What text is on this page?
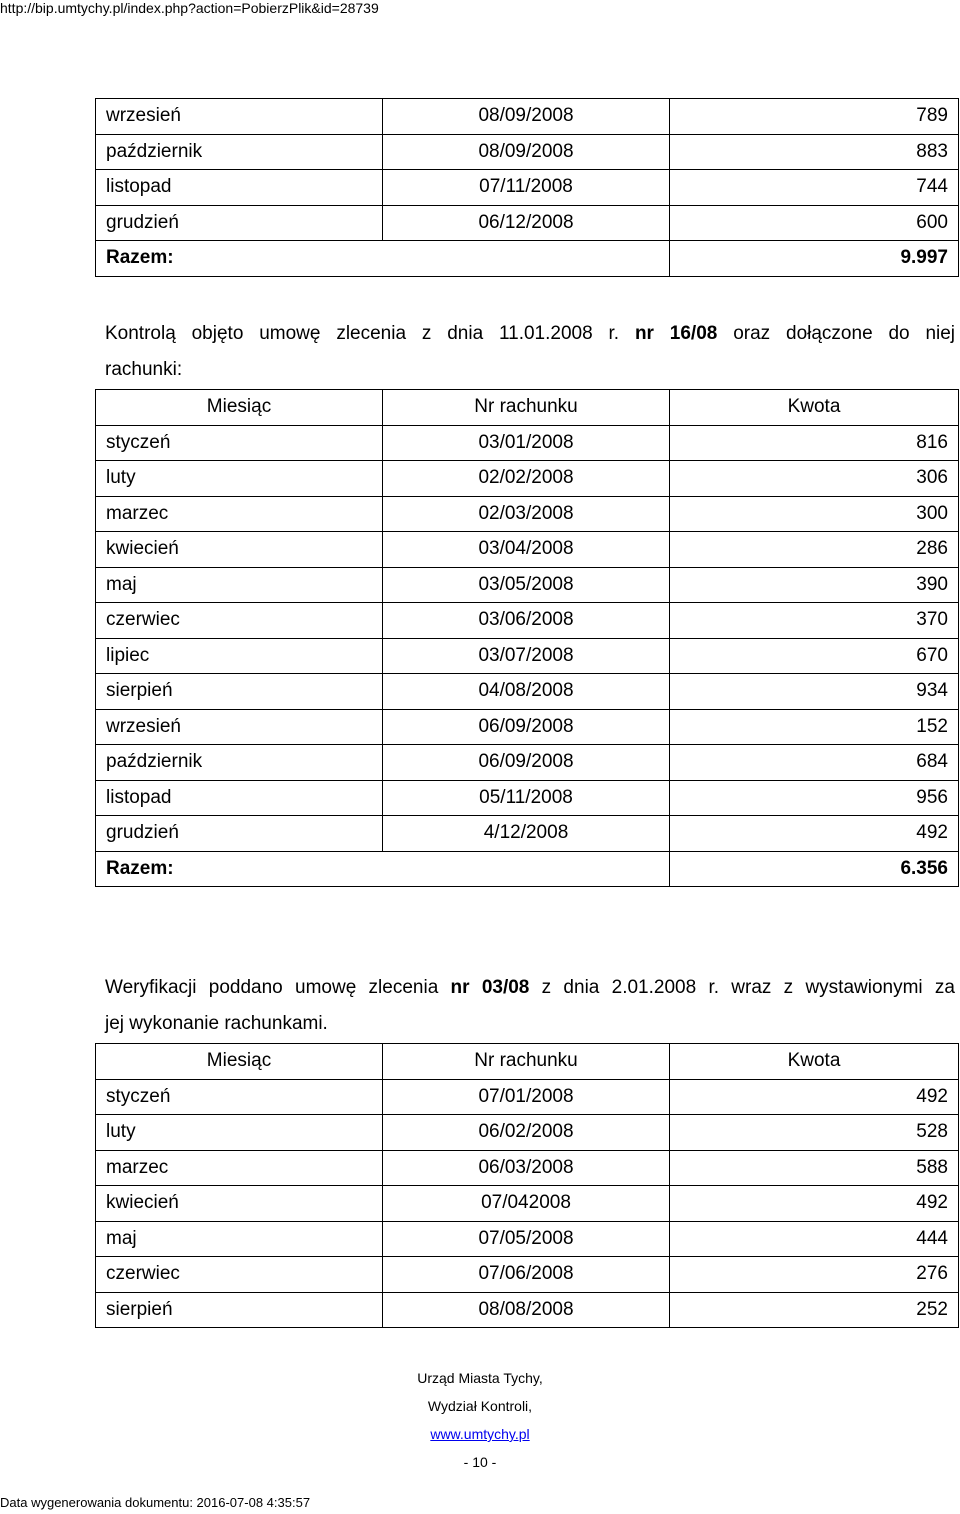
http://bip.umtychy.pl/index.php?action=PobierzPlik&id=28739
wrzesień	08/09/2008	789
październik	08/09/2008	883
listopad	07/11/2008	744
grudzień	06/12/2008	600
Razem:		9.997
Kontrolą objęto umowę zlecenia z dnia 11.01.2008 r. nr 16/08 oraz dołączone do niej
rachunki:
Miesiąc	Nr rachunku	Kwota
styczeń	03/01/2008	816
luty	02/02/2008	306
marzec	02/03/2008	300
kwiecień	03/04/2008	286
maj	03/05/2008	390
czerwiec	03/06/2008	370
lipiec	03/07/2008	670
sierpień	04/08/2008	934
wrzesień	06/09/2008	152
październik	06/09/2008	684
listopad	05/11/2008	956
grudzień	4/12/2008	492
Razem:		6.356
Weryfikacji poddano umowę zlecenia nr 03/08 z dnia 2.01.2008 r. wraz z wystawionymi za
jej wykonanie rachunkami.
Miesiąc	Nr rachunku	Kwota
styczeń	07/01/2008	492
luty	06/02/2008	528
marzec	06/03/2008	588
kwiecień	07/042008	492
maj	07/05/2008	444
czerwiec	07/06/2008	276
sierpień	08/08/2008	252
Urząd Miasta Tychy,
Wydział Kontroli,
www.umtychy.pl
- 10 -
Data wygenerowania dokumentu: 2016-07-08 4:35:57
